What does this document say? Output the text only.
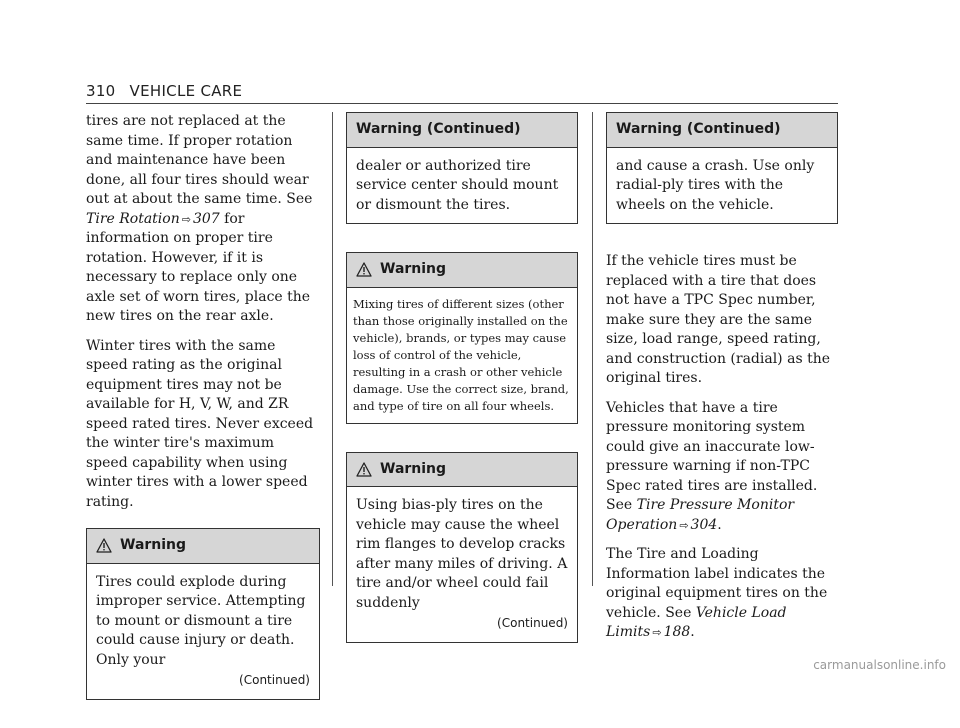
310 VEHICLE CARE

tires are not replaced at the same time. If proper rotation and maintenance have been done, all four tires should wear out at about the same time. See Tire Rotation ⇨ 307 for information on proper tire rotation. However, if it is necessary to replace only one axle set of worn tires, place the new tires on the rear axle.

Winter tires with the same speed rating as the original equipment tires may not be available for H, V, W, and ZR speed rated tires. Never exceed the winter tire's maximum speed capability when using winter tires with a lower speed rating.

Warning
Tires could explode during improper service. Attempting to mount or dismount a tire could cause injury or death. Only your
(Continued)
Warning (Continued)
dealer or authorized tire service center should mount or dismount the tires.
Warning
Mixing tires of different sizes (other than those originally installed on the vehicle), brands, or types may cause loss of control of the vehicle, resulting in a crash or other vehicle damage. Use the correct size, brand, and type of tire on all four wheels.
Warning
Using bias-ply tires on the vehicle may cause the wheel rim flanges to develop cracks after many miles of driving. A tire and/or wheel could fail suddenly
(Continued)
Warning (Continued)
and cause a crash. Use only radial-ply tires with the wheels on the vehicle.

If the vehicle tires must be replaced with a tire that does not have a TPC Spec number, make sure they are the same size, load range, speed rating, and construction (radial) as the original tires.

Vehicles that have a tire pressure monitoring system could give an inaccurate low-pressure warning if non-TPC Spec rated tires are installed. See Tire Pressure Monitor Operation ⇨ 304.

The Tire and Loading Information label indicates the original equipment tires on the vehicle. See Vehicle Load Limits ⇨ 188.

carmanualsonline.info
